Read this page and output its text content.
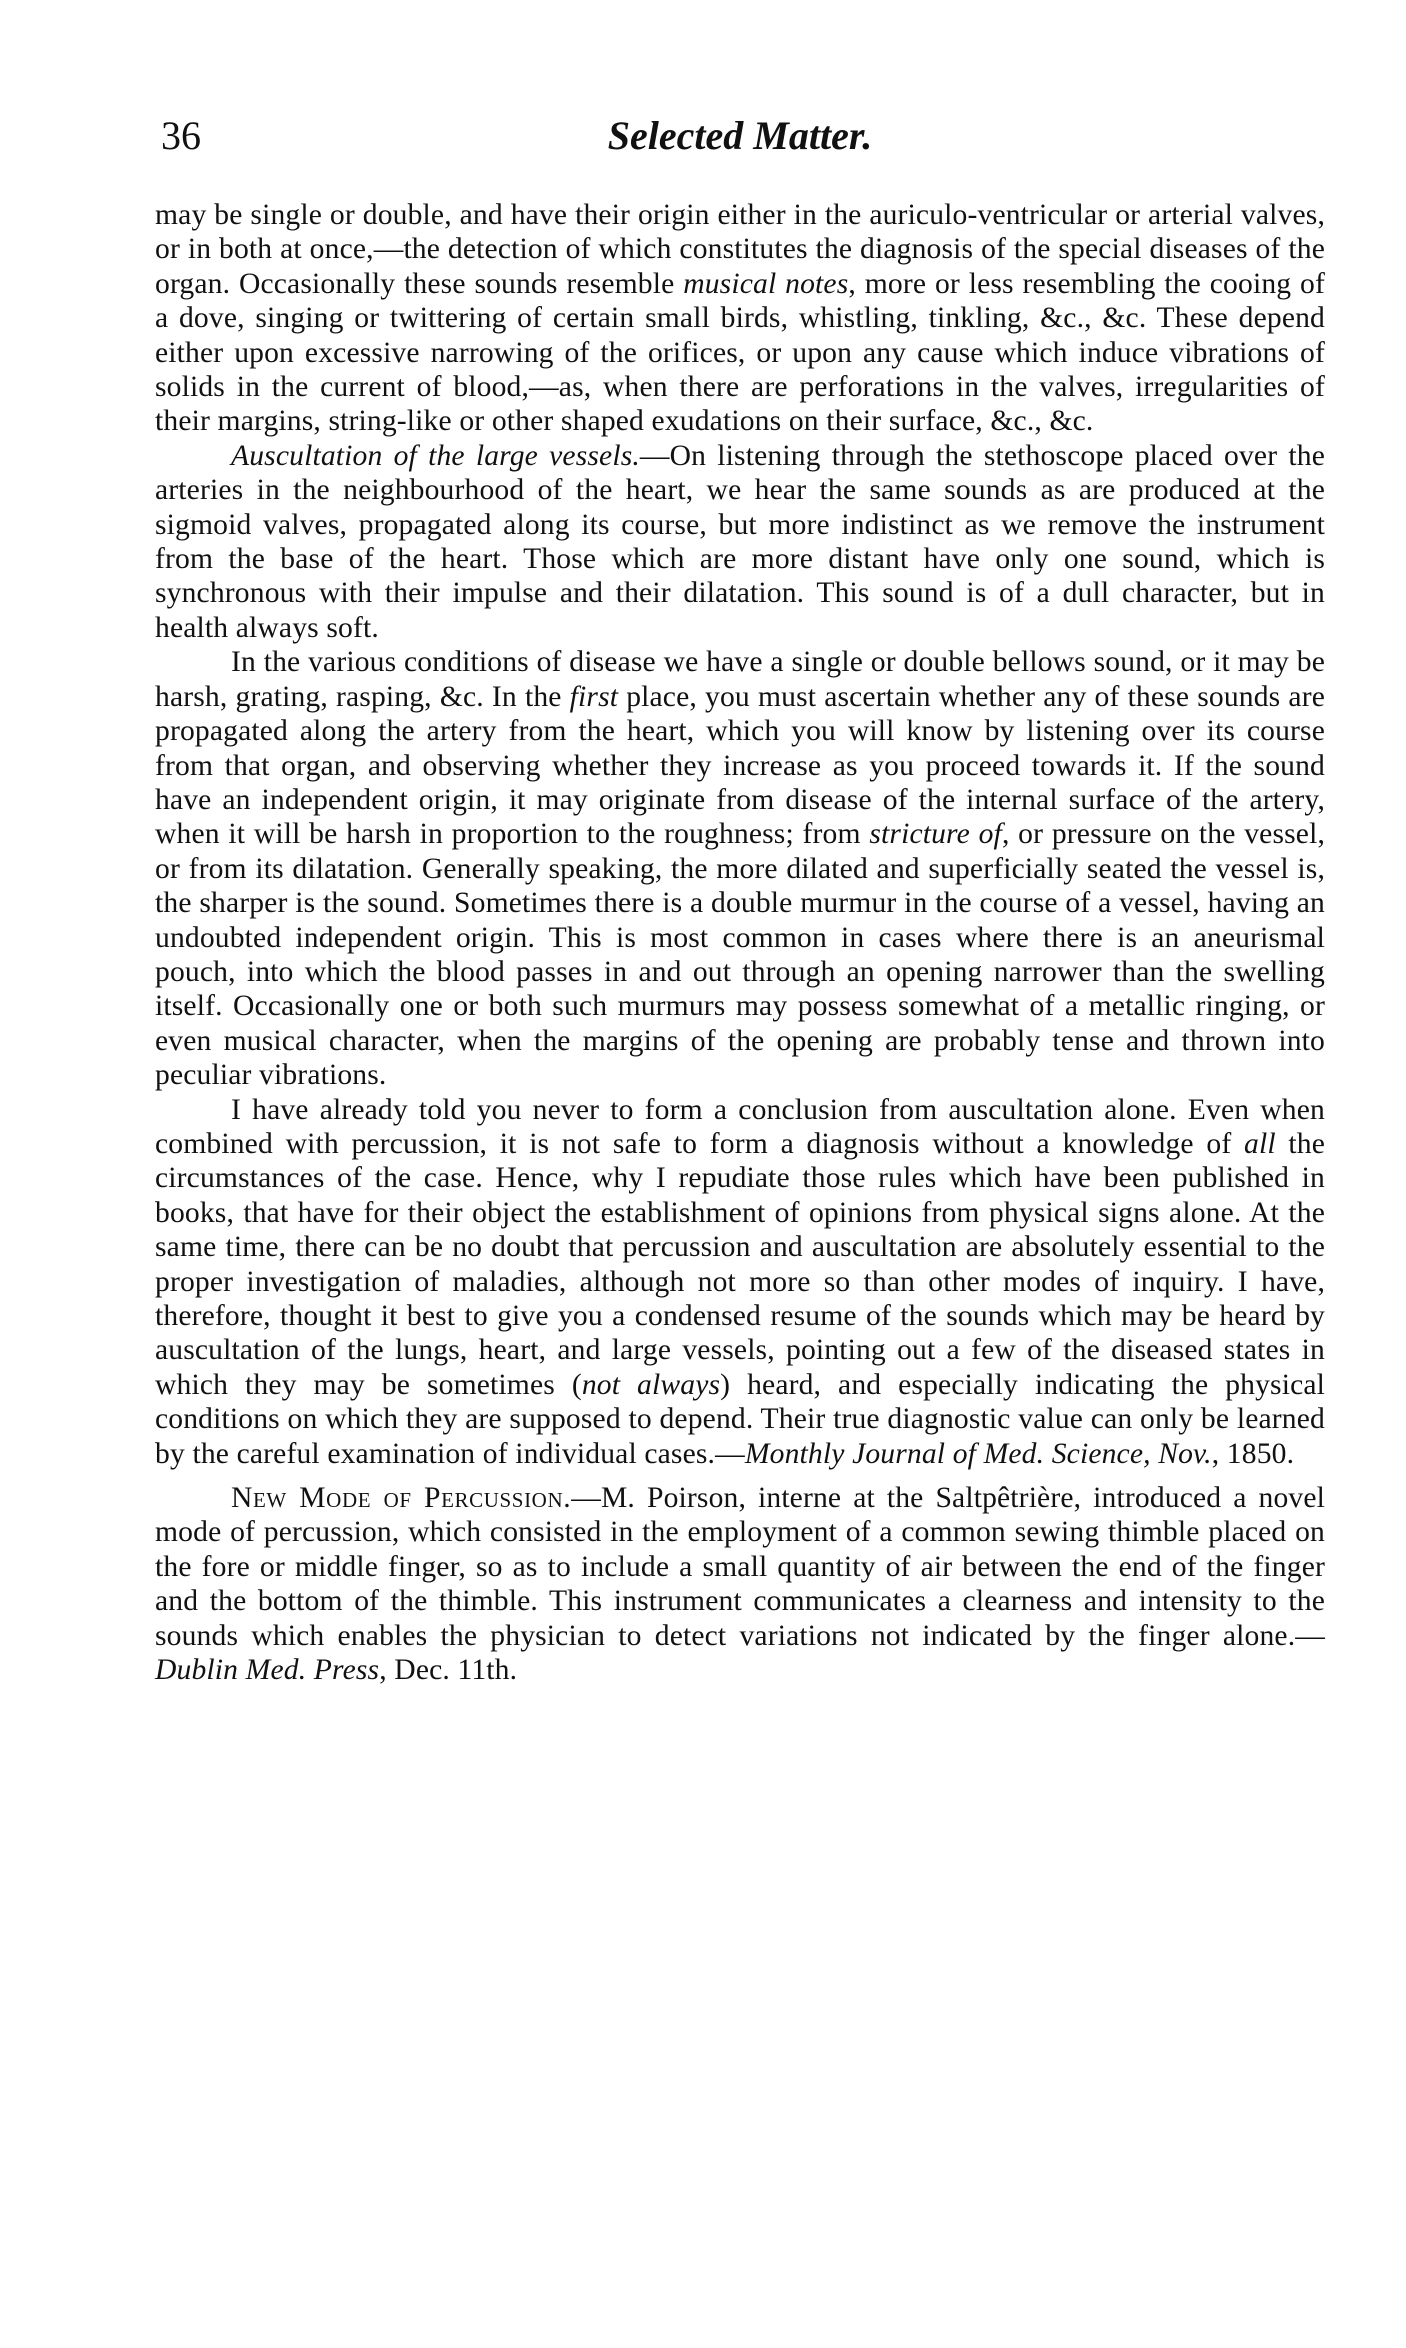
36	Selected Matter.

may be single or double, and have their origin either in the auriculo-ventricular or arterial valves, or in both at once,—the detection of which constitutes the diagnosis of the special diseases of the organ. Occasionally these sounds resemble musical notes, more or less resembling the cooing of a dove, singing or twittering of certain small birds, whistling, tinkling, &c., &c. These depend either upon excessive narrowing of the orifices, or upon any cause which induce vibrations of solids in the current of blood,—as, when there are perforations in the valves, irregularities of their margins, string-like or other shaped exudations on their surface, &c., &c.

Auscultation of the large vessels.—On listening through the stethoscope placed over the arteries in the neighbourhood of the heart, we hear the same sounds as are produced at the sigmoid valves, propagated along its course, but more indistinct as we remove the instrument from the base of the heart. Those which are more distant have only one sound, which is synchronous with their impulse and their dilatation. This sound is of a dull character, but in health always soft.

In the various conditions of disease we have a single or double bellows sound, or it may be harsh, grating, rasping, &c. In the first place, you must ascertain whether any of these sounds are propagated along the artery from the heart, which you will know by listening over its course from that organ, and observing whether they increase as you proceed towards it. If the sound have an independent origin, it may originate from disease of the internal surface of the artery, when it will be harsh in proportion to the roughness; from stricture of, or pressure on the vessel, or from its dilatation. Generally speaking, the more dilated and superficially seated the vessel is, the sharper is the sound. Sometimes there is a double murmur in the course of a vessel, having an undoubted independent origin. This is most common in cases where there is an aneurismal pouch, into which the blood passes in and out through an opening narrower than the swelling itself. Occasionally one or both such murmurs may possess somewhat of a metallic ringing, or even musical character, when the margins of the opening are probably tense and thrown into peculiar vibrations.

I have already told you never to form a conclusion from auscultation alone. Even when combined with percussion, it is not safe to form a diagnosis without a knowledge of all the circumstances of the case. Hence, why I repudiate those rules which have been published in books, that have for their object the establishment of opinions from physical signs alone. At the same time, there can be no doubt that percussion and auscultation are absolutely essential to the proper investigation of maladies, although not more so than other modes of inquiry. I have, therefore, thought it best to give you a condensed resume of the sounds which may be heard by auscultation of the lungs, heart, and large vessels, pointing out a few of the diseased states in which they may be sometimes (not always) heard, and especially indicating the physical conditions on which they are supposed to depend. Their true diagnostic value can only be learned by the careful examination of individual cases.—Monthly Journal of Med. Science, Nov., 1850.

New Mode of Percussion.—M. Poirson, interne at the Saltpêtrière, introduced a novel mode of percussion, which consisted in the employment of a common sewing thimble placed on the fore or middle finger, so as to include a small quantity of air between the end of the finger and the bottom of the thimble. This instrument communicates a clearness and intensity to the sounds which enables the physician to detect variations not indicated by the finger alone.—Dublin Med. Press, Dec. 11th.
